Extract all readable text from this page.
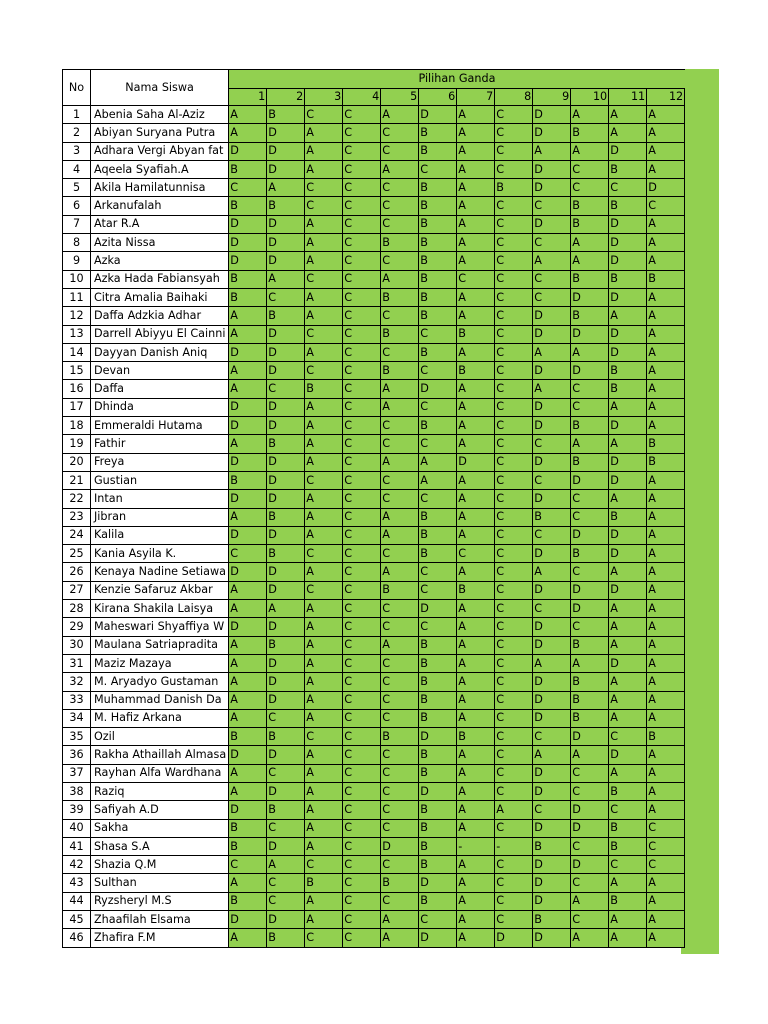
No	Nama Siswa	Pilihan Ganda											
		1	2	3	4	5	6	7	8	9	10	11	12
1	Abenia Saha Al-Aziz	A	B	C	C	A	D	A	C	D	A	A	A
2	Abiyan Suryana Putra	A	D	A	C	C	B	A	C	D	B	A	A
3	Adhara Vergi Abyan fat	D	D	A	C	C	B	A	C	A	A	D	A
4	Aqeela Syafiah.A	B	D	A	C	A	C	A	C	D	C	B	A
5	Akila Hamilatunnisa	C	A	C	C	C	B	A	B	D	C	C	D
6	Arkanufalah	B	B	C	C	C	B	A	C	C	B	B	C
7	Atar R.A	D	D	A	C	C	B	A	C	D	B	D	A
8	Azita Nissa	D	D	A	C	B	B	A	C	C	A	D	A
9	Azka	D	D	A	C	C	B	A	C	A	A	D	A
10	Azka Hada Fabiansyah	B	A	C	C	A	B	C	C	C	B	B	B
11	Citra Amalia Baihaki	B	C	A	C	B	B	A	C	C	D	D	A
12	Daffa Adzkia Adhar	A	B	A	C	C	B	A	C	D	B	A	A
13	Darrell Abiyyu El Cainni	A	D	C	C	B	C	B	C	D	D	D	A
14	Dayyan Danish Aniq	D	D	A	C	C	B	A	C	A	A	D	A
15	Devan	A	D	C	C	B	C	B	C	D	D	B	A
16	Daffa	A	C	B	C	A	D	A	C	A	C	B	A
17	Dhinda	D	D	A	C	A	C	A	C	D	C	A	A
18	Emmeraldi Hutama	D	D	A	C	C	B	A	C	D	B	D	A
19	Fathir	A	B	A	C	C	C	A	C	C	A	A	B
20	Freya	D	D	A	C	A	A	D	C	D	B	D	B
21	Gustian	B	D	C	C	C	A	A	C	C	D	D	A
22	Intan	D	D	A	C	C	C	A	C	D	C	A	A
23	Jibran	A	B	A	C	A	B	A	C	B	C	B	A
24	Kalila	D	D	A	C	A	B	A	C	C	D	D	A
25	Kania Asyila K.	C	B	C	C	C	B	C	C	D	B	D	A
26	Kenaya Nadine Setiawa	D	D	A	C	A	C	A	C	A	C	A	A
27	Kenzie Safaruz Akbar	A	D	C	C	B	C	B	C	D	D	D	A
28	Kirana Shakila Laisya	A	A	A	C	C	D	A	C	C	D	A	A
29	Maheswari Shyaffiya W	D	D	A	C	C	C	A	C	D	C	A	A
30	Maulana Satriapradita	A	B	A	C	A	B	A	C	D	B	A	A
31	Maziz Mazaya	A	D	A	C	C	B	A	C	A	A	D	A
32	M. Aryadyo Gustaman	A	D	A	C	C	B	A	C	D	B	A	A
33	Muhammad Danish Da	A	D	A	C	C	B	A	C	D	B	A	A
34	M. Hafiz Arkana	A	C	A	C	C	B	A	C	D	B	A	A
35	Ozil	B	B	C	C	B	D	B	C	C	D	C	B
36	Rakha Athaillah Almasa	D	D	A	C	C	B	A	C	A	A	D	A
37	Rayhan Alfa Wardhana	A	C	A	C	C	B	A	C	D	C	A	A
38	Raziq	A	D	A	C	C	D	A	C	D	C	B	A
39	Safiyah A.D	D	B	A	C	C	B	A	A	C	D	C	A
40	Sakha	B	C	A	C	C	B	A	C	D	D	B	C
41	Shasa S.A	B	D	A	C	D	B	-	-	B	C	B	C
42	Shazia Q.M	C	A	C	C	C	B	A	C	D	D	C	C
43	Sulthan	A	C	B	C	B	D	A	C	D	C	A	A
44	Ryzsheryl M.S	B	C	A	C	C	B	A	C	D	A	B	A
45	Zhaafilah Elsama	D	D	A	C	A	C	A	C	B	C	A	A
46	Zhafira F.M	A	B	C	C	A	D	A	D	D	A	A	A
